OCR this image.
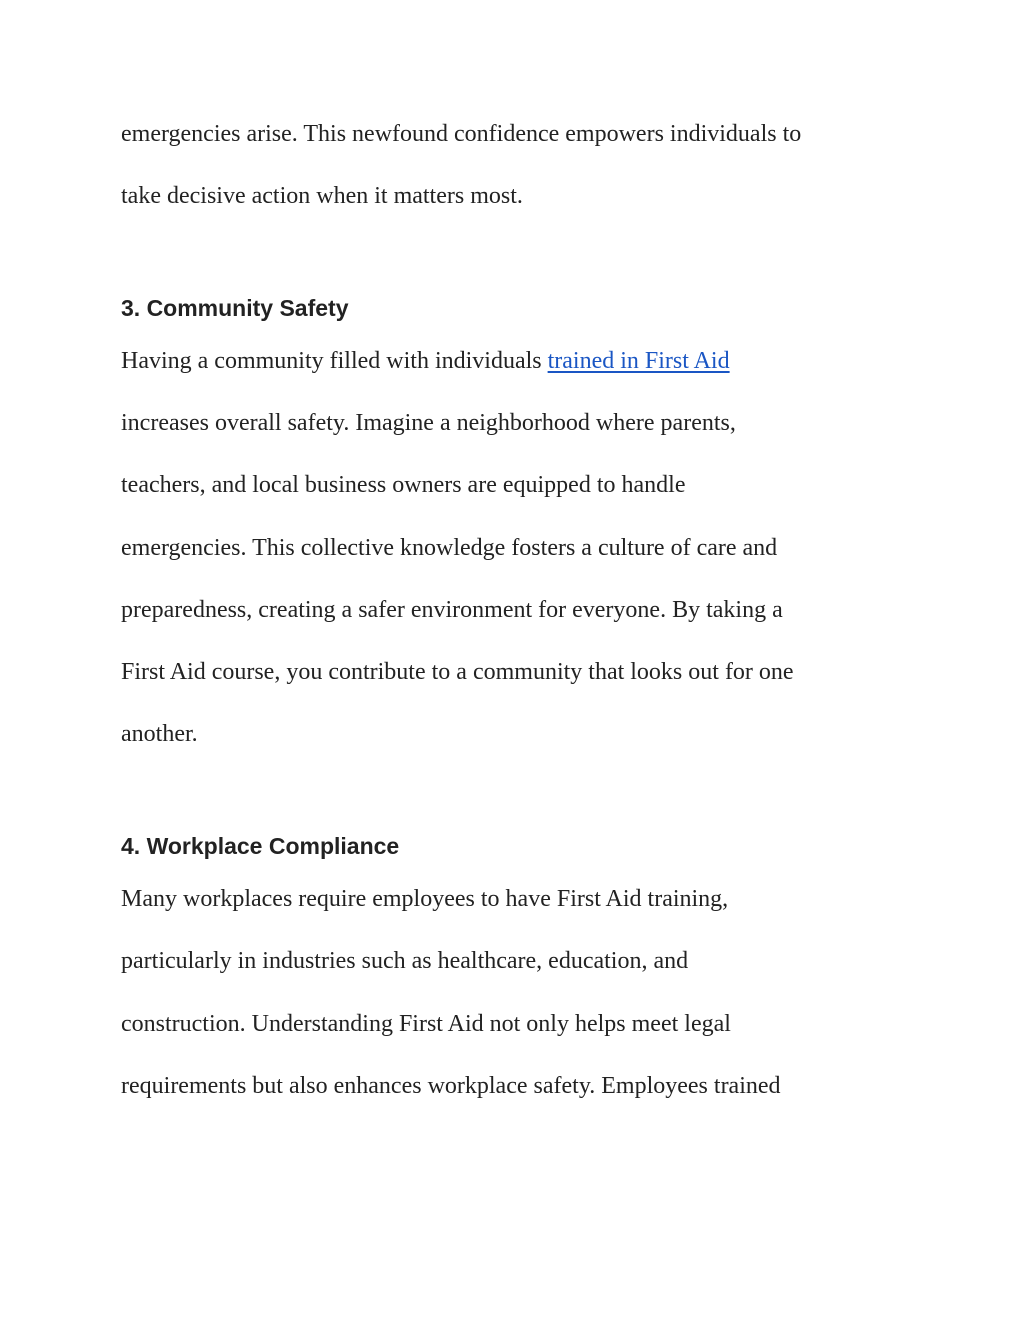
emergencies arise. This newfound confidence empowers individuals to
take decisive action when it matters most.
3. Community Safety
Having a community filled with individuals trained in First Aid
increases overall safety. Imagine a neighborhood where parents,
teachers, and local business owners are equipped to handle
emergencies. This collective knowledge fosters a culture of care and
preparedness, creating a safer environment for everyone. By taking a
First Aid course, you contribute to a community that looks out for one
another.
4. Workplace Compliance
Many workplaces require employees to have First Aid training,
particularly in industries such as healthcare, education, and
construction. Understanding First Aid not only helps meet legal
requirements but also enhances workplace safety. Employees trained
